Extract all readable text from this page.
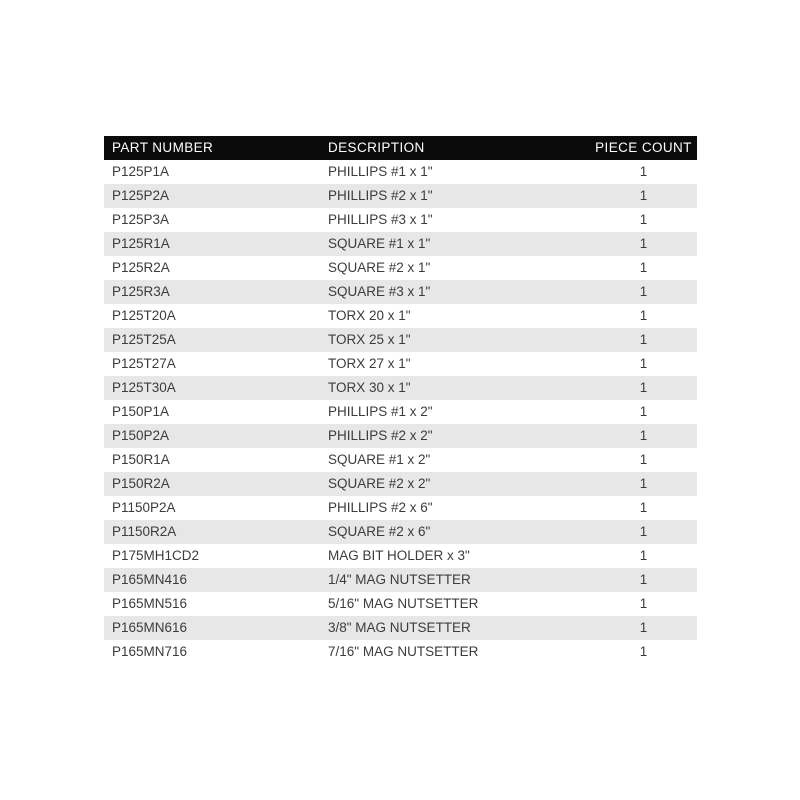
PART NUMBER	DESCRIPTION	PIECE COUNT
P125P1A	PHILLIPS #1 x 1"	1
P125P2A	PHILLIPS #2 x 1"	1
P125P3A	PHILLIPS #3 x 1"	1
P125R1A	SQUARE #1 x 1"	1
P125R2A	SQUARE #2 x 1"	1
P125R3A	SQUARE #3 x 1"	1
P125T20A	TORX 20 x 1"	1
P125T25A	TORX 25 x 1"	1
P125T27A	TORX 27 x 1"	1
P125T30A	TORX 30 x 1"	1
P150P1A	PHILLIPS #1 x 2"	1
P150P2A	PHILLIPS #2 x 2"	1
P150R1A	SQUARE #1 x 2"	1
P150R2A	SQUARE #2 x 2"	1
P1150P2A	PHILLIPS #2 x 6"	1
P1150R2A	SQUARE #2 x 6"	1
P175MH1CD2	MAG BIT HOLDER x 3"	1
P165MN416	1/4" MAG NUTSETTER	1
P165MN516	5/16" MAG NUTSETTER	1
P165MN616	3/8" MAG NUTSETTER	1
P165MN716	7/16" MAG NUTSETTER	1
